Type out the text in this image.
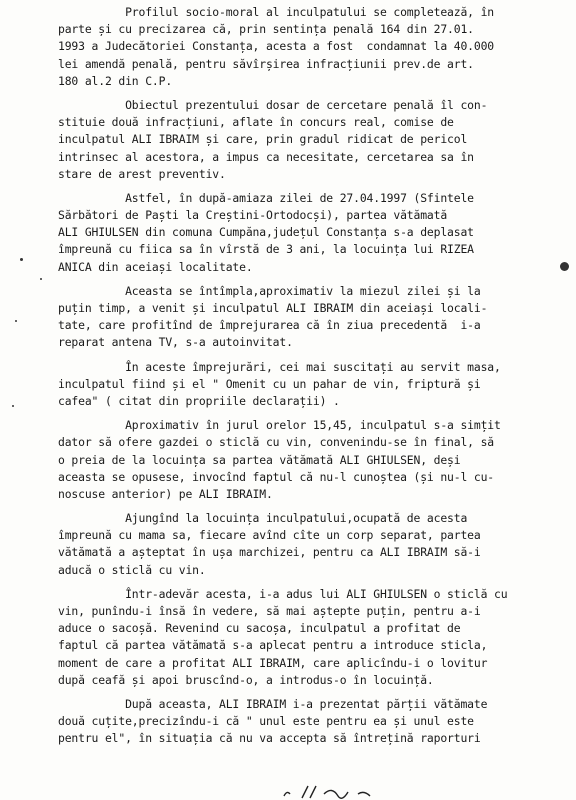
Profilul socio-moral al inculpatului se completează, în
parte și cu precizarea că, prin sentința penală 164 din 27.01.
1993 a Judecătoriei Constanța, acesta a fost  condamnat la 40.000
lei amendă penală, pentru săvîrșirea infracțiunii prev.de art.
180 al.2 din C.P.
Obiectul prezentului dosar de cercetare penală îl con-
stituie două infracțiuni, aflate în concurs real, comise de
inculpatul ALI IBRAIM și care, prin gradul ridicat de pericol
intrinsec al acestora, a impus ca necesitate, cercetarea sa în
stare de arest preventiv.
Astfel, în după-amiaza zilei de 27.04.1997 (Sfintele
Sărbători de Paști la Creștini-Ortodocși), partea vătămată
ALI GHIULSEN din comuna Cumpăna,județul Constanța s-a deplasat
împreună cu fiica sa în vîrstă de 3 ani, la locuința lui RIZEA
ANICA din aceiași localitate.
Aceasta se întîmpla,aproximativ la miezul zilei și la
puțin timp, a venit și inculpatul ALI IBRAIM din aceiași locali-
tate, care profitînd de împrejurarea că în ziua precedentă  i-a
reparat antena TV, s-a autoinvitat.
În aceste împrejurări, cei mai suscitați au servit masa,
inculpatul fiind și el " Omenit cu un pahar de vin, friptură și
cafea" ( citat din propriile declarații) .
Aproximativ în jurul orelor 15,45, inculpatul s-a simțit
dator să ofere gazdei o sticlă cu vin, convenindu-se în final, să
o preia de la locuința sa partea vătămată ALI GHIULSEN, deși
aceasta se opusese, invocînd faptul că nu-l cunoștea (și nu-l cu-
noscuse anterior) pe ALI IBRAIM.
Ajungînd la locuința inculpatului,ocupată de acesta
împreună cu mama sa, fiecare avînd cîte un corp separat, partea
vătămată a așteptat în ușa marchizei, pentru ca ALI IBRAIM să-i
aducă o sticlă cu vin.
Într-adevăr acesta, i-a adus lui ALI GHIULSEN o sticlă cu
vin, punîndu-i însă în vedere, să mai aștepte puțin, pentru a-i
aduce o sacoșă. Revenind cu sacoșa, inculpatul a profitat de
faptul că partea vătămată s-a aplecat pentru a introduce sticla,
moment de care a profitat ALI IBRAIM, care aplicîndu-i o lovitur
după ceafă și apoi bruscînd-o, a introdus-o în locuință.
După aceasta, ALI IBRAIM i-a prezentat părții vătămate
două cuțite,precizîndu-i că " unul este pentru ea și unul este
pentru el", în situația că nu va accepta să întrețină raporturi
